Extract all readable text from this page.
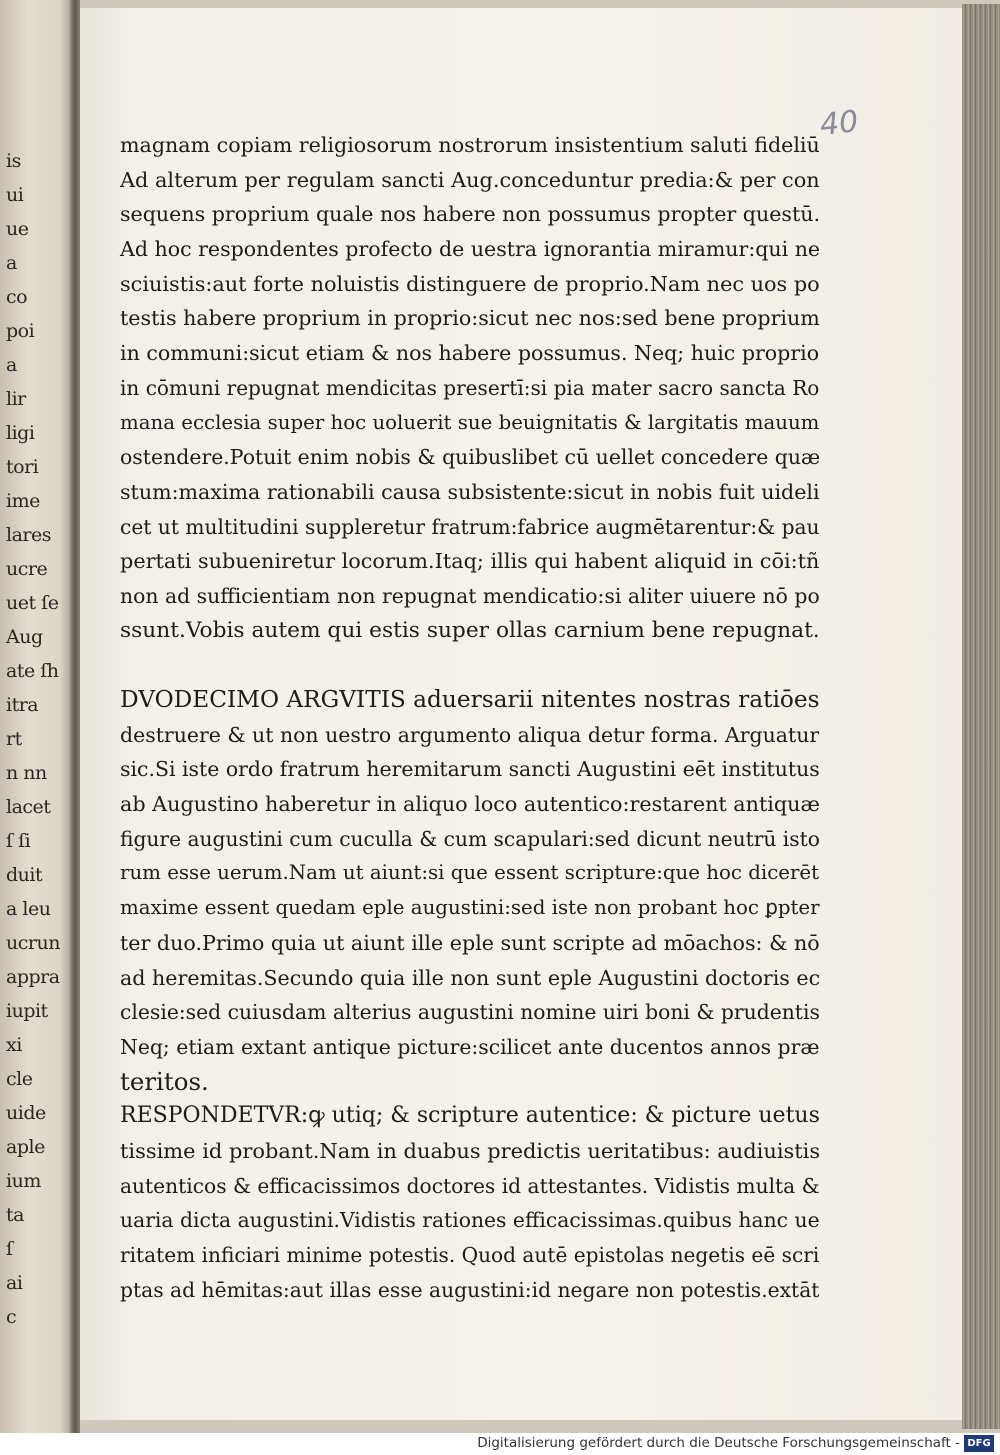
is
ui
ue
a
co
poi
a
lir
ligi
tori
ime
lares
ucre
uet ſe
Aug
ate ſh
itra
rt
n nn
lacet
ſ ſi
duit
a leu
ucrun
appra
iupit
xi
cle
uide
aple
ium
ta
ſ
ai
c
40
magnam copiam religiosorum nostrorum insistentium saluti fideliū
Ad alterum per regulam sancti Aug.conceduntur predia:& per con
sequens proprium quale nos habere non possumus propter questū.
Ad hoc respondentes profecto de uestra ignorantia miramur:qui ne
sciuistis:aut forte noluistis distinguere de proprio.Nam nec uos po
testis habere proprium in proprio:sicut nec nos:sed bene proprium
in communi:sicut etiam & nos habere possumus. Neq; huic proprio
in cōmuni repugnat mendicitas presertī:si pia mater sacro sancta Ro
mana ecclesia super hoc uoluerit sue beuignitatis & largitatis mauum
ostendere.Potuit enim nobis & quibuslibet cū uellet concedere quæ
stum:maxima rationabili causa subsistente:sicut in nobis fuit uideli
cet ut multitudini suppleretur fratrum:fabrice augmētarentur:& pau
pertati subueniretur locorum.Itaq; illis qui habent aliquid in cōi:tñ
non ad sufficientiam non repugnat mendicatio:si aliter uiuere nō po
ssunt.Vobis autem qui estis super ollas carnium bene repugnat.
DVODECIMO ARGVITIS aduersarii nitentes nostras ratiōes
destruere & ut non uestro argumento aliqua detur forma. Arguatur
sic.Si iste ordo fratrum heremitarum sancti Augustini eēt institutus
ab Augustino haberetur in aliquo loco autentico:restarent antiquæ
figure augustini cum cuculla & cum scapulari:sed dicunt neutrū isto
rum esse uerum.Nam ut aiunt:si que essent scripture:que hoc dicerēt
maxime essent quedam eple augustini:sed iste non probant hoc ꝑpter
ter duo.Primo quia ut aiunt ille eple sunt scripte ad mōachos: & nō
ad heremitas.Secundo quia ille non sunt eple Augustini doctoris ec
clesie:sed cuiusdam alterius augustini nomine uiri boni & prudentis
Neq; etiam extant antique picture:scilicet ante ducentos annos præ
teritos.
RESPONDETVR:ꝙ utiq; & scripture autentice: & picture uetus
tissime id probant.Nam in duabus predictis ueritatibus: audiuistis
autenticos & efficacissimos doctores id attestantes. Vidistis multa &
uaria dicta augustini.Vidistis rationes efficacissimas.quibus hanc ue
ritatem inficiari minime potestis. Quod autē epistolas negetis eē scri
ptas ad hēmitas:aut illas esse augustini:id negare non potestis.extāt
Digitalisierung gefördert durch die Deutsche Forschungsgemeinschaft - DFG
